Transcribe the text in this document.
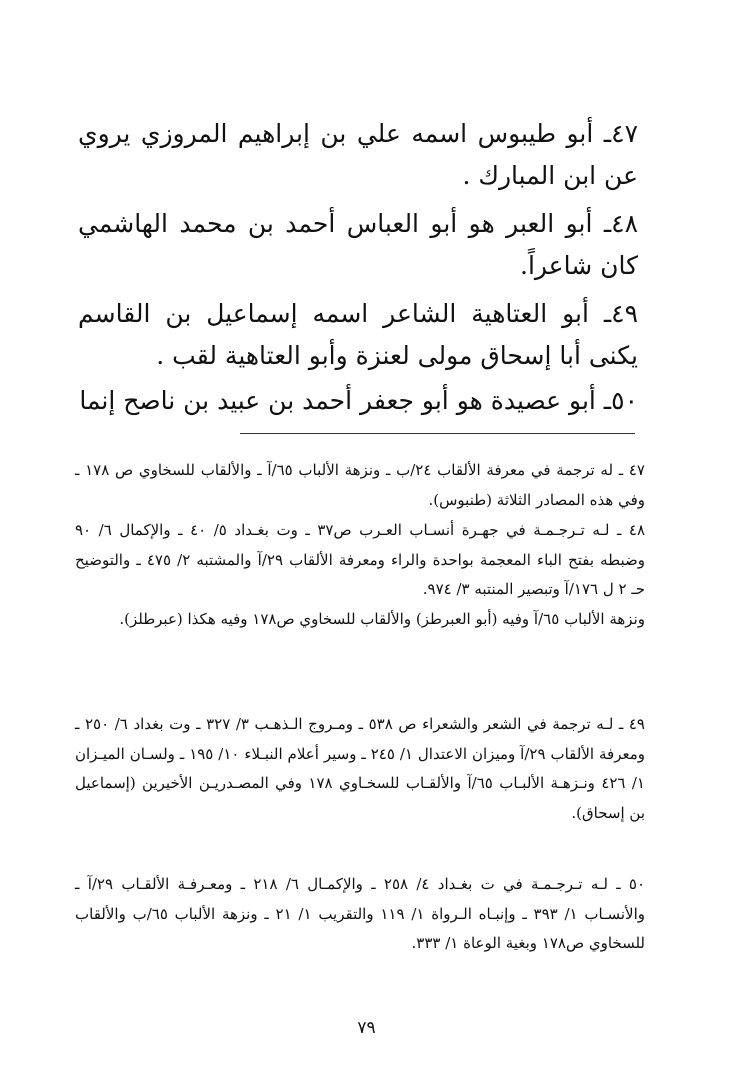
٤٧ـ أبو طيبوس اسمه علي بن إبراهيم المروزي يروي عن ابن المبارك .

٤٨ـ أبو العبر هو أبو العباس أحمد بن محمد الهاشمي كان شاعراً.

٤٩ـ أبو العتاهية الشاعر اسمه إسماعيل بن القاسم يكنى أبا إسحاق مولى لعنزة وأبو العتاهية لقب .

٥٠ـ أبو عصيدة هو أبو جعفر أحمد بن عبيد بن ناصح إنما

٤٧ ـ له ترجمة في معرفة الألقاب ٢٤/ب ـ ونزهة الألباب ٦٥/آ ـ والألقاب للسخاوي ص ١٧٨ ـ وفي هذه المصادر الثلاثة (طنبوس).

٤٨ ـ لـه تـرجـمـة في جهـرة أنسـاب العـرب ص٣٧ ـ وت بغـداد ٥/ ٤٠ ـ والإكمال ٦/ ٩٠ وضبطه بفتح الباء المعجمة بواحدة والراء ومعرفة الألقاب ٢٩/آ والمشتبه ٢/ ٤٧٥ ـ والتوضيح حـ ٢ ل ١٧٦/آ وتبصير المنتبه ٣/ ٩٧٤.
ونزهة الألباب ٦٥/آ وفيه (أبو العبرطز) والألقاب للسخاوي ص١٧٨ وفيه هكذا (عبرطلز).

٤٩ ـ لـه ترجمة في الشعر والشعراء ص ٥٣٨ ـ ومـروج الـذهـب ٣/ ٣٢٧ ـ وت بغداد ٦/ ٢٥٠ ـ ومعرفة الألقاب ٢٩/آ وميزان الاعتدال ١/ ٢٤٥ ـ وسير أعلام النبـلاء ١٠/ ١٩٥ ـ ولسـان الميـزان ١/ ٤٢٦ ونـزهـة الألبـاب ٦٥/آ والألقـاب للسخـاوي ١٧٨ وفي المصـدريـن الأخيرين (إسماعيل بن إسحاق).

٥٠ ـ لـه تـرجـمـة في ت بغـداد ٤/ ٢٥٨ ـ والإكمـال ٦/ ٢١٨ ـ ومعـرفـة الألقـاب ٢٩/آ ـ والأنسـاب ١/ ٣٩٣ ـ وإنبـاه الـرواة ١/ ١١٩ والتقريب ١/ ٢١ ـ ونزهة الألباب ٦٥/ب والألقاب للسخاوي ص١٧٨ وبغية الوعاة ١/ ٣٣٣.

٧٩
